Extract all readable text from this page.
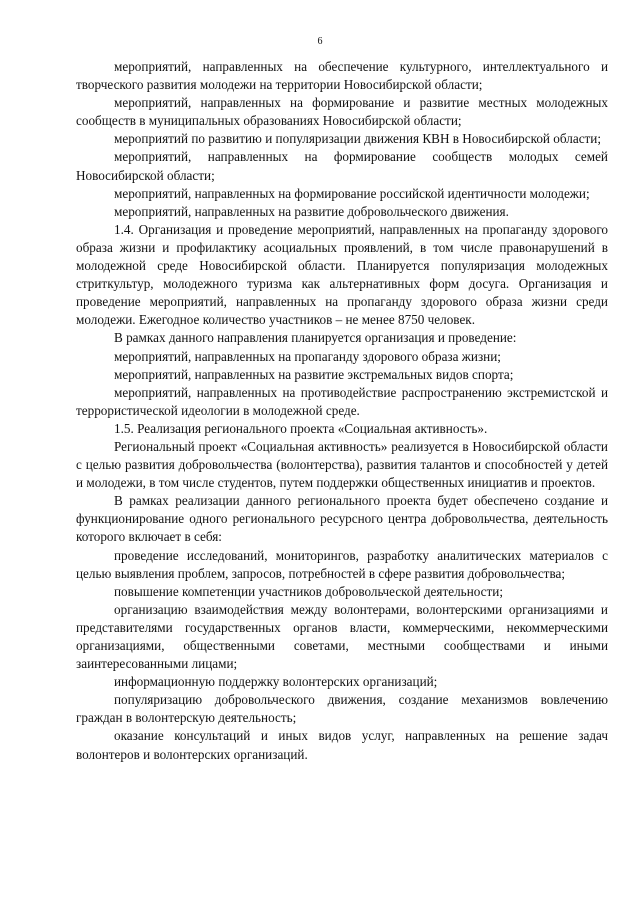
6

мероприятий, направленных на обеспечение культурного, интеллектуального и творческого развития молодежи на территории Новосибирской области;

мероприятий, направленных на формирование и развитие местных молодежных сообществ в муниципальных образованиях Новосибирской области;

мероприятий по развитию и популяризации движения КВН в Новосибирской области;

мероприятий, направленных на формирование сообществ молодых семей Новосибирской области;

мероприятий, направленных на формирование российской идентичности молодежи;

мероприятий, направленных на развитие добровольческого движения.

1.4. Организация и проведение мероприятий, направленных на пропаганду здорового образа жизни и профилактику асоциальных проявлений, в том числе правонарушений в молодежной среде Новосибирской области. Планируется популяризация молодежных стриткультур, молодежного туризма как альтернативных форм досуга. Организация и проведение мероприятий, направленных на пропаганду здорового образа жизни среди молодежи. Ежегодное количество участников – не менее 8750 человек.

В рамках данного направления планируется организация и проведение:

мероприятий, направленных на пропаганду здорового образа жизни;

мероприятий, направленных на развитие экстремальных видов спорта;

мероприятий, направленных на противодействие распространению экстремистской и террористической идеологии в молодежной среде.

1.5. Реализация регионального проекта «Социальная активность».

Региональный проект «Социальная активность» реализуется в Новосибирской области с целью развития добровольчества (волонтерства), развития талантов и способностей у детей и молодежи, в том числе студентов, путем поддержки общественных инициатив и проектов.

В рамках реализации данного регионального проекта будет обеспечено создание и функционирование одного регионального ресурсного центра добровольчества, деятельность которого включает в себя:

проведение исследований, мониторингов, разработку аналитических материалов с целью выявления проблем, запросов, потребностей в сфере развития добровольчества;

повышение компетенции участников добровольческой деятельности;

организацию взаимодействия между волонтерами, волонтерскими организациями и представителями государственных органов власти, коммерческими, некоммерческими организациями, общественными советами, местными сообществами и иными заинтересованными лицами;

информационную поддержку волонтерских организаций;

популяризацию добровольческого движения, создание механизмов вовлечению граждан в волонтерскую деятельность;

оказание консультаций и иных видов услуг, направленных на решение задач волонтеров и волонтерских организаций.
